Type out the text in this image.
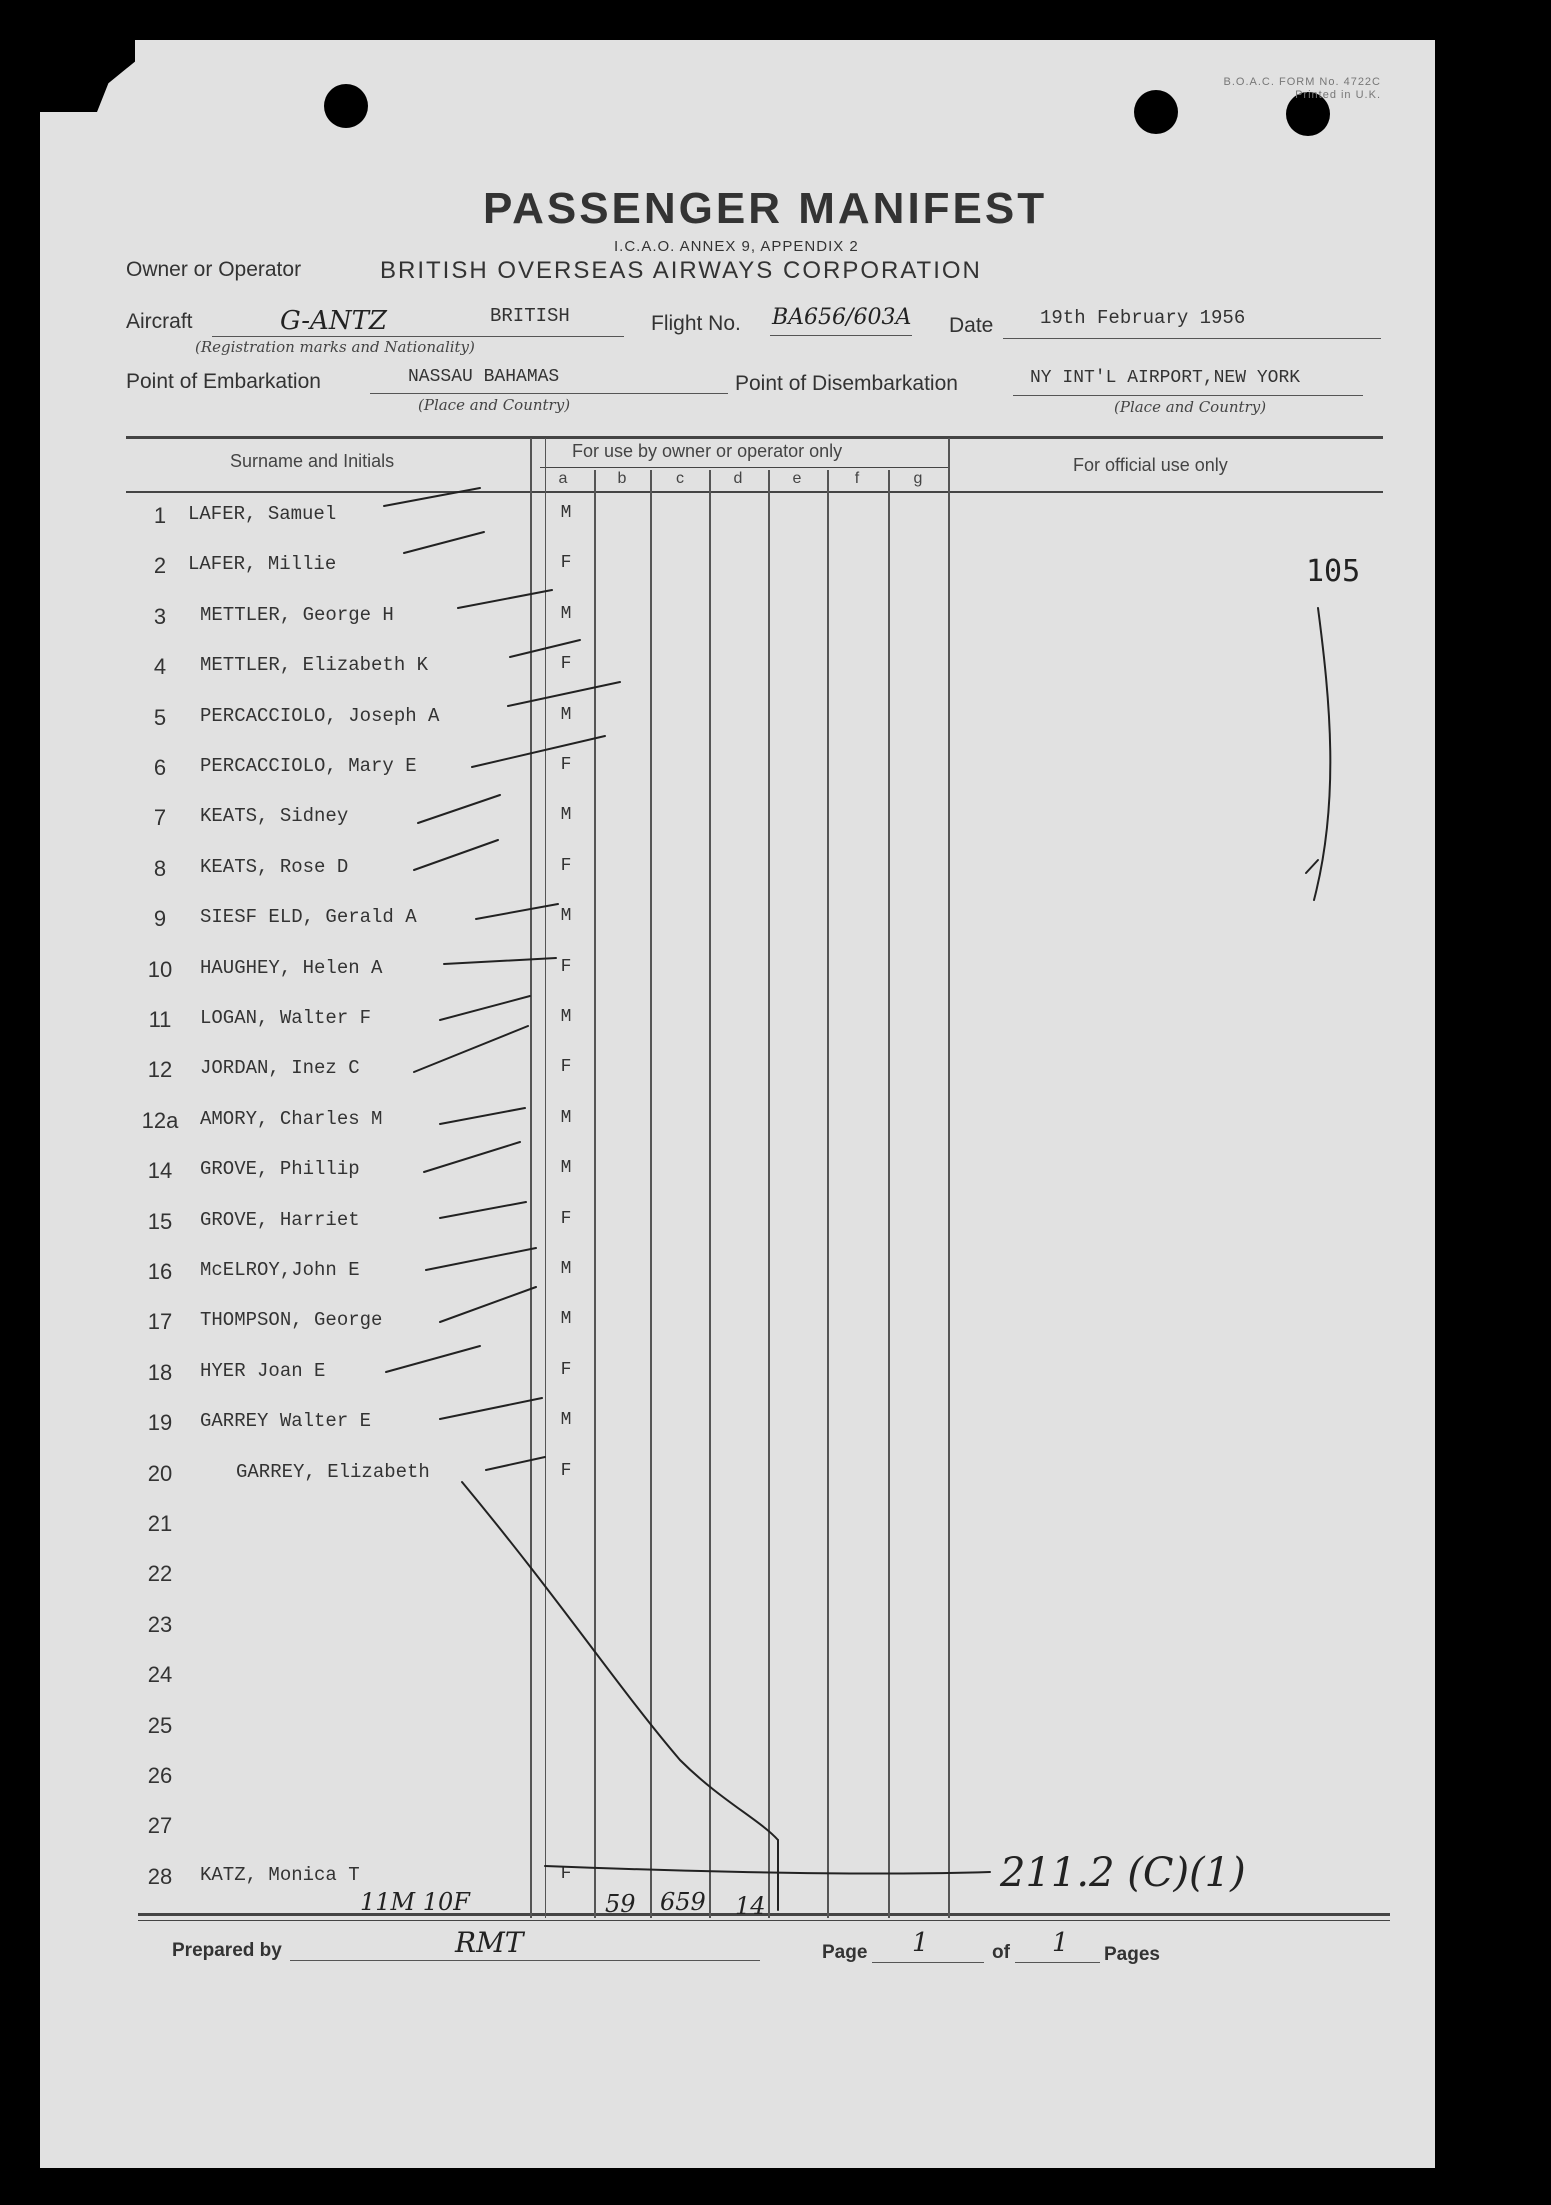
B.O.A.C. FORM No. 4722C
Printed in U.K.
PASSENGER MANIFEST
I.C.A.O. ANNEX 9, APPENDIX 2
Owner or Operator	BRITISH OVERSEAS AIRWAYS CORPORATION
Aircraft	G-ANTZ	BRITISH
(Registration marks and Nationality)
Flight No. BA656/603A Date 19th February 1956
Point of Embarkation	NASSAU BAHAMAS
(Place and Country)
Point of Disembarkation	NY INT'L AIRPORT,NEW YORK
(Place and Country)
Surname and Initials	For use by owner or operator only
For official use only
a	b	c	d	e	f	g
105
1	LAFER, Samuel	M
2	LAFER, Millie	F
3	METTLER, George H	M
4	METTLER, Elizabeth K	F
5	PERCACCIOLO, Joseph A	M
6	PERCACCIOLO, Mary E	F
7	KEATS, Sidney	M
8	KEATS, Rose D	F
9	SIESF ELD, Gerald A	M
10	HAUGHEY, Helen A	F
11	LOGAN, Walter F	M
12	JORDAN, Inez C	F
12a	AMORY, Charles M	M
14	GROVE, Phillip	M
15	GROVE, Harriet	F
16	McELROY,John E	M
17	THOMPSON, George	M
18	HYER Joan E	F
19	GARREY Walter E	M
20	GARREY, Elizabeth	F
21
22
23
24
25
26
27
28	KATZ, Monica T	F
11M 10F	59 659 14
211.2 (C)(1)
Prepared by	RMT	Page 1	of 1 Pages
